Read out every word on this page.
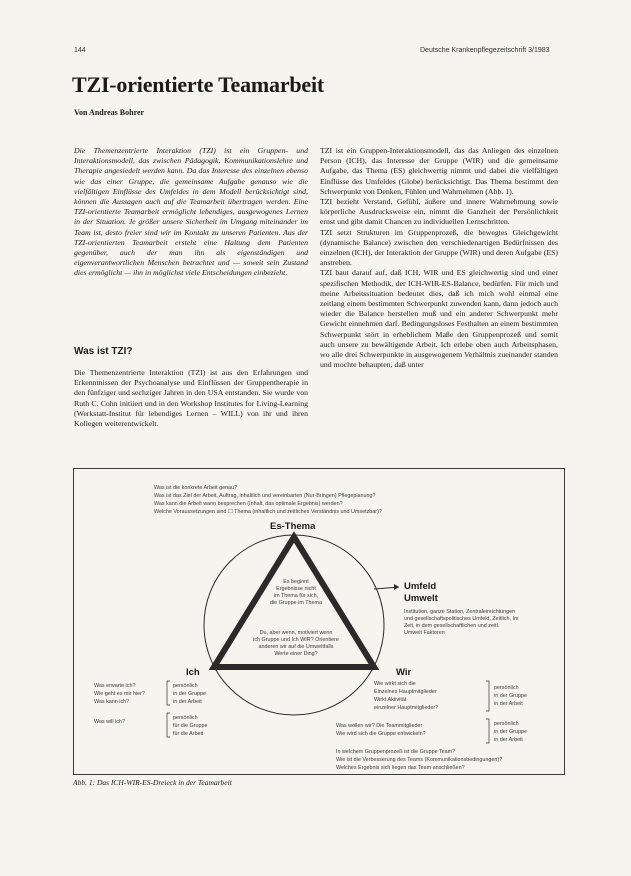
144	Deutsche Krankenpflegezeitschrift 3/1983
TZI-orientierte Teamarbeit
Von Andreas Bohrer

Die Themenzentrierte Interaktion (TZI) ist ein Gruppen- und Interaktionsmodell, das zwischen Pädagogik, Kommunikationslehre und Therapie angesiedelt werden kann. Da das Interesse des einzelnen ebenso wie das einer Gruppe, die gemeinsame Aufgabe genauso wie die vielfältigen Einflüsse des Umfeldes in dem Modell berücksichtigt sind, können die Aussagen auch auf die Teamarbeit übertragen werden. Eine TZI-orientierte Teamarbeit ermöglicht lebendiges, ausgewogenes Lernen in der Situation. Je größer unsere Sicherheit im Umgang miteinander im Team ist, desto freier sind wir im Kontakt zu unseren Patienten. Aus der TZI-orientierten Teamarbeit ersteht eine Haltung dem Patienten gegenüber, auch der man ihn als eigenständigen und eigenverantwortlichen Menschen betrachtet und — soweit sein Zustand dies ermöglicht — ihn in möglichst viele Entscheidungen einbezieht.

Was ist TZI?

Die Themenzentrierte Interaktion (TZI) ist aus den Erfahrungen und Erkenntnissen der Psychoanalyse und Einflüssen der Gruppentherapie in den fünfziger und sechziger Jahren in den USA entstanden. Sie wurde von Ruth C. Cohn initiiert und in den Workshop Institutes for Living-Learning (Werkstatt-Institut für lebendiges Lernen – WILL) von ihr und ihren Kollegen weiterentwickelt.

TZI ist ein Gruppen-Interaktionsmodell, das das Anliegen des einzelnen Person (ICH), das Interesse der Gruppe (WIR) und die gemeinsame Aufgabe, das Thema (ES) gleichwertig nimmt und dabei die vielfältigen Einflüsse des Umfeldes (Globe) berücksichtigt. Das Thema bestimmt den Schwerpunkt von Denken, Fühlen und Wahrnehmen (Abb. 1).

TZI bezieht Verstand, Gefühl, äußere und innere Wahrnehmung sowie körperliche Ausdrucksweise ein, nimmt die Ganzheit der Persönlichkeit ernst und gibt damit Chancen zu individuellen Lernschritten.

TZI setzt Strukturen im Gruppenprozeß, die bewegtes Gleichgewicht (dynamische Balance) zwischen den verschiedenartigen Bedürfnissen des einzelnen (ICH), der Interaktion der Gruppe (WIR) und deren Aufgabe (ES) anstreben.

TZI baut darauf auf, daß ICH, WIR und ES gleichwertig sind und einer spezifischen Methodik, der ICH-WIR-ES-Balance, bedürfen. Für mich und meine Arbeitssituation bedeutet dies, daß ich mich wohl einmal eine zeitlang einem bestimmten Schwerpunkt zuwenden kann, dann jedoch auch wieder die Balance herstellen muß und ein anderer Schwerpunkt mehr Gewicht einnehmen darf. Bedingungsloses Festhalten an einem bestimmten Schwerpunkt stört in erheblichem Maße den Gruppenprozeß und somit auch unsere zu bewältigende Arbeit. Ich erlebe oben auch Arbeitsphasen, wo alle drei Schwerpunkte in ausgewogenem Verhältnis zueinander standen und mochte behaupten, daß unter

Was ist die konkrete Arbeit genau?
Was ist das Ziel der Arbeit, Auftrag, inhaltlich und vereinbarten (Nur-Bringen) Pflegeplanung?
Was kann die Arbeit wann besprechen (Inhalt, das optimale Ergebnis) werden?
Welche Voraussetzungen sind ☐ Thema (inhaltlich und zeitliches Verständnis und Umsetzbar)?
Es-Thema
Es beginnt
Ergebnisse nicht
im Thema für sich,
die Gruppe im Thema
Du, aber wenn, motiviert wenn
ich Gruppe und Ich WIR? Orientiere
anderen wir auf die Umweltfalls
Werte einer Ding?
Umfeld
Umwelt
Institution, ganze Station, Zentraleinrichtungen
und gesellschaftspolitisches Umfeld, Zeitlich, Im
Zeit, in dem gesellschaftlichen und zeitl.
Umwelt Faktoren
Ich	Wir
Was erwarte ich?
Wie geht es mir hier?
Was kann ich?
persönlich
in der Gruppe
in der Arbeit
Was will ich?
persönlich
für die Gruppe
für die Arbeit
Wie wirkt sich die
Einzelnes Hauptmitglieder
Wirkt Aktivität
einzelner Hauptmitglieder?
persönlich
in der Gruppe
in der Arbeit
Was wollen wir? Die Teammitglieder
Wie wird sich die Gruppe entwickeln?
persönlich
in der Gruppe
in der Arbeit
In welchem Gruppenprozeß ist die Gruppe Team?
Wie ist die Verbesserung des Teams (Kommunikationsbedingungen)?
Welches Ergebnis sich liegen das Team anschließen?
Abb. 1: Das ICH-WIR-ES-Dreieck in der Teamarbeit
